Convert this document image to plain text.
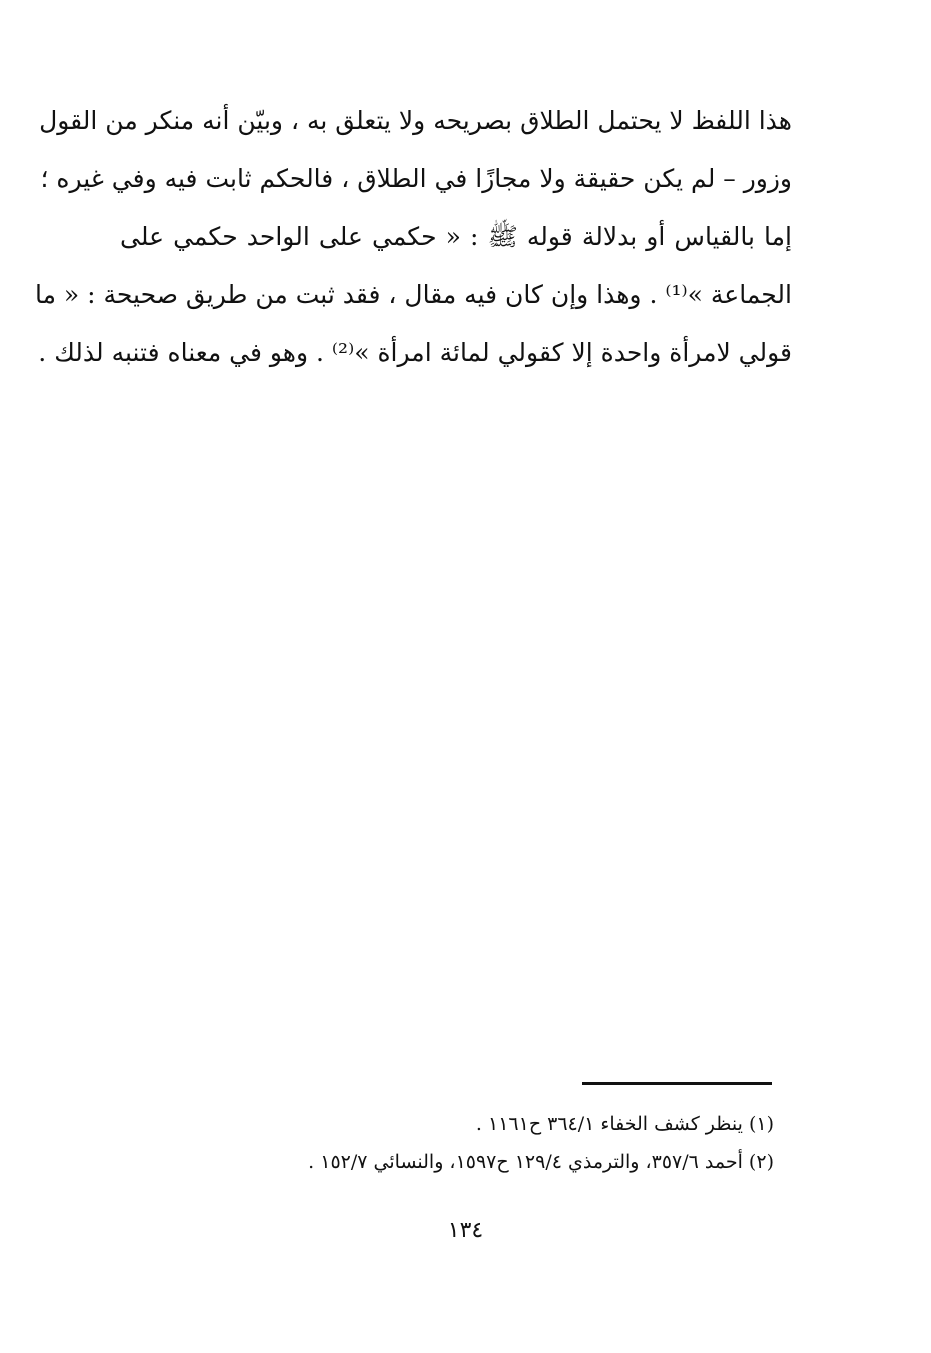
هذا اللفظ لا يحتمل الطلاق بصريحه ولا يتعلق به ، وبيّن أنه منكر من القول
وزور – لم يكن حقيقة ولا مجازًا في الطلاق ، فالحكم ثابت فيه وفي غيره ؛
إما بالقياس أو بدلالة قوله ﷺ : « حكمي على الواحد حكمي على
الجماعة »⁽¹⁾ . وهذا وإن كان فيه مقال ، فقد ثبت من طريق صحيحة : « ما
قولي لامرأة واحدة إلا كقولي لمائة امرأة »⁽²⁾ . وهو في معناه فتنبه لذلك .
(١) ينظر كشف الخفاء ٣٦٤/١ ح١١٦١ .
(٢) أحمد ٣٥٧/٦، والترمذي ١٢٩/٤ ح١٥٩٧، والنسائي ١٥٢/٧ .
١٣٤
